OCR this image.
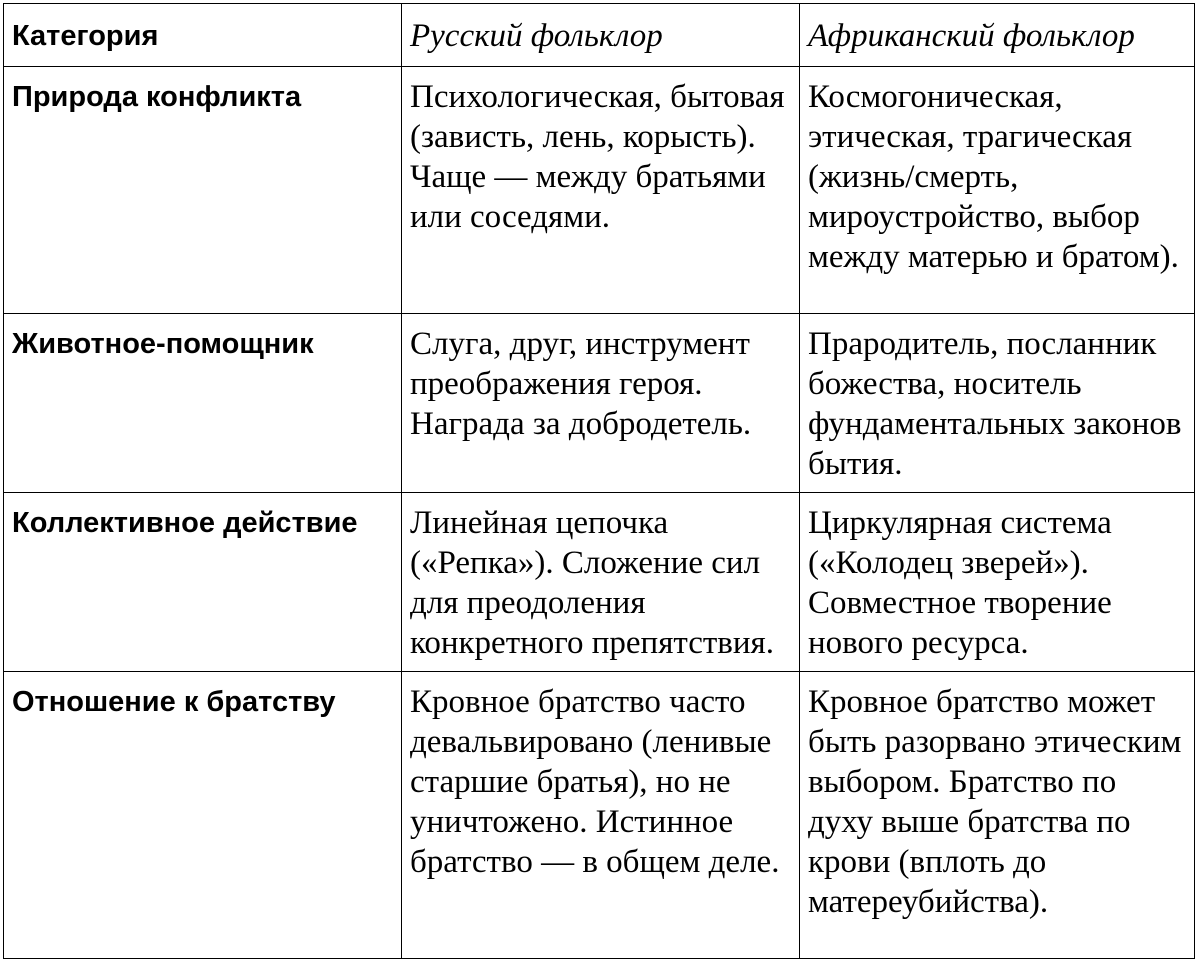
Категория	Русский фольклор	Африканский фольклор
Природа конфликта	Психологическая, бытовая (зависть, лень, корысть). Чаще — между братьями или соседями.	Космогоническая, этическая, трагическая (жизнь/смерть, мироустройство, выбор между матерью и братом).
Животное-помощник	Слуга, друг, инструмент преображения героя. Награда за добродетель.	Прародитель, посланник божества, носитель фундаментальных законов бытия.
Коллективное действие	Линейная цепочка («Репка»). Сложение сил для преодоления конкретного препятствия.	Циркулярная система («Колодец зверей»). Совместное творение нового ресурса.
Отношение к братству	Кровное братство часто девальвировано (ленивые старшие братья), но не уничтожено. Истинное братство — в общем деле.	Кровное братство может быть разорвано этическим выбором. Братство по духу выше братства по крови (вплоть до матереубийства).
